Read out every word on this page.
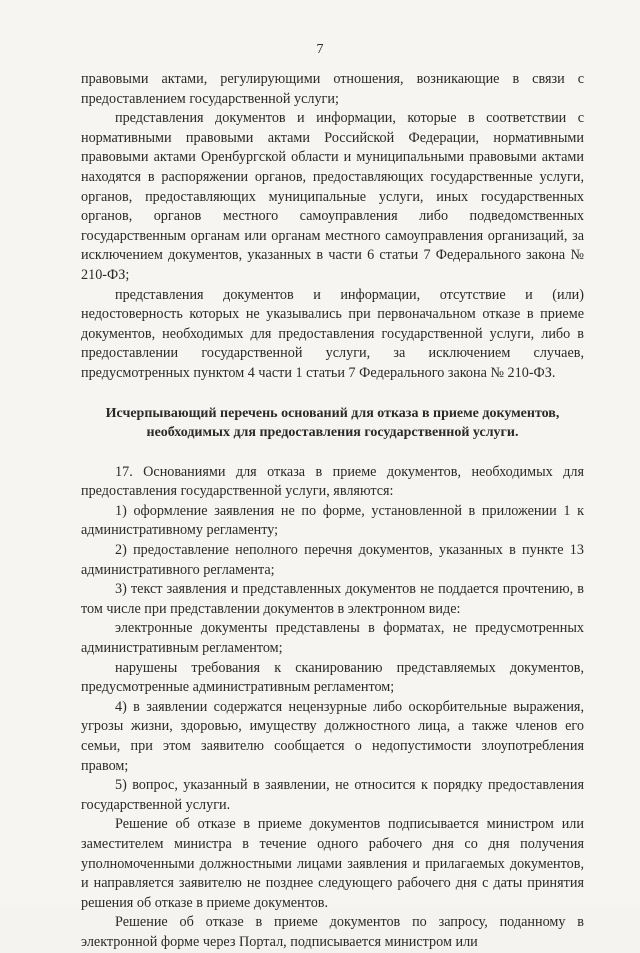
7

правовыми актами, регулирующими отношения, возникающие в связи с предоставлением государственной услуги;

представления документов и информации, которые в соответствии с нормативными правовыми актами Российской Федерации, нормативными правовыми актами Оренбургской области и муниципальными правовыми актами находятся в распоряжении органов, предоставляющих государственные услуги, органов, предоставляющих муниципальные услуги, иных государственных органов, органов местного самоуправления либо подведомственных государственным органам или органам местного самоуправления организаций, за исключением документов, указанных в части 6 статьи 7 Федерального закона № 210-ФЗ;

представления документов и информации, отсутствие и (или) недостоверность которых не указывались при первоначальном отказе в приеме документов, необходимых для предоставления государственной услуги, либо в предоставлении государственной услуги, за исключением случаев, предусмотренных пунктом 4 части 1 статьи 7 Федерального закона № 210-ФЗ.

Исчерпывающий перечень оснований для отказа в приеме документов, необходимых для предоставления государственной услуги.

17. Основаниями для отказа в приеме документов, необходимых для предоставления государственной услуги, являются:

1) оформление заявления не по форме, установленной в приложении 1 к административному регламенту;

2) предоставление неполного перечня документов, указанных в пункте 13 административного регламента;

3) текст заявления и представленных документов не поддается прочтению, в том числе при представлении документов в электронном виде:

электронные документы представлены в форматах, не предусмотренных административным регламентом;

нарушены требования к сканированию представляемых документов, предусмотренные административным регламентом;

4) в заявлении содержатся нецензурные либо оскорбительные выражения, угрозы жизни, здоровью, имуществу должностного лица, а также членов его семьи, при этом заявителю сообщается о недопустимости злоупотребления правом;

5) вопрос, указанный в заявлении, не относится к порядку предоставления государственной услуги.

Решение об отказе в приеме документов подписывается министром или заместителем министра в течение одного рабочего дня со дня получения уполномоченными должностными лицами заявления и прилагаемых документов, и направляется заявителю не позднее следующего рабочего дня с даты принятия решения об отказе в приеме документов.

Решение об отказе в приеме документов по запросу, поданному в электронной форме через Портал, подписывается министром или
